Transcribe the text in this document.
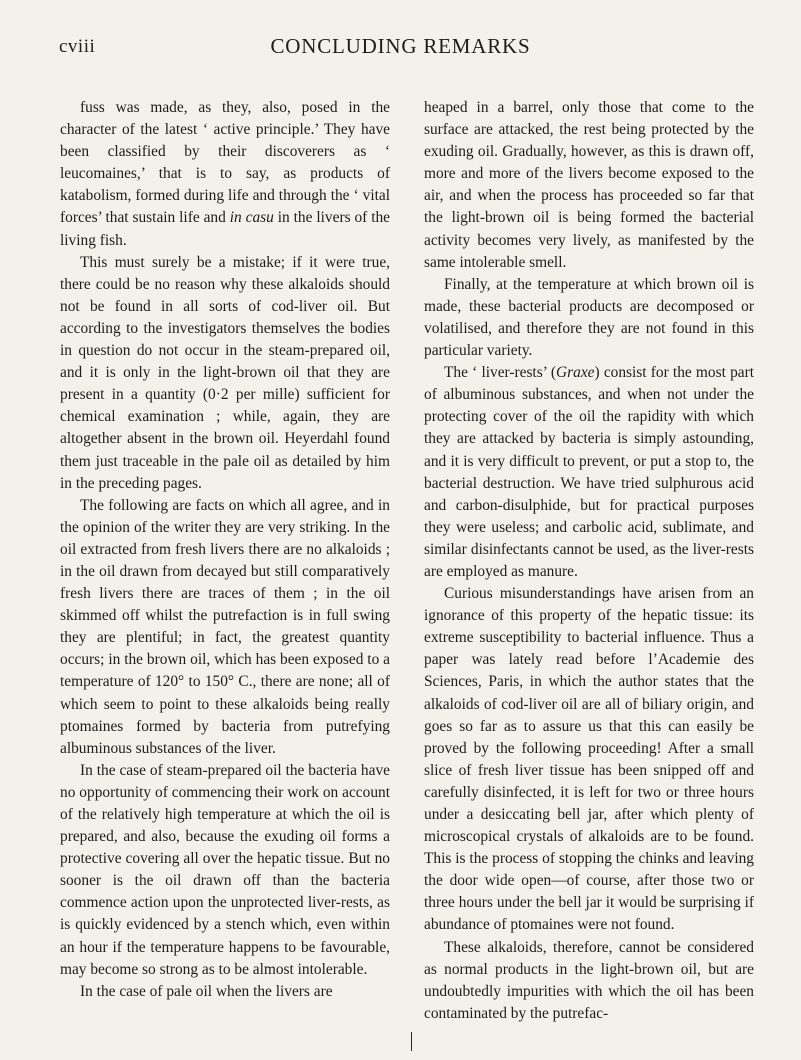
cviii	CONCLUDING REMARKS

fuss was made, as they, also, posed in the character of the latest ‘ active principle.’ They have been classified by their discoverers as ‘ leucomaines,’ that is to say, as products of katabolism, formed during life and through the ‘ vital forces’ that sustain life and in casu in the livers of the living fish.

This must surely be a mistake; if it were true, there could be no reason why these alkaloids should not be found in all sorts of cod-liver oil. But according to the investigators themselves the bodies in question do not occur in the steam-prepared oil, and it is only in the light-brown oil that they are present in a quantity (0·2 per mille) sufficient for chemical examination ; while, again, they are altogether absent in the brown oil. Heyerdahl found them just traceable in the pale oil as detailed by him in the preceding pages.

The following are facts on which all agree, and in the opinion of the writer they are very striking. In the oil extracted from fresh livers there are no alkaloids ; in the oil drawn from decayed but still comparatively fresh livers there are traces of them ; in the oil skimmed off whilst the putrefaction is in full swing they are plentiful; in fact, the greatest quantity occurs; in the brown oil, which has been exposed to a temperature of 120° to 150° C., there are none; all of which seem to point to these alkaloids being really ptomaines formed by bacteria from putrefying albuminous substances of the liver.

In the case of steam-prepared oil the bacteria have no opportunity of commencing their work on account of the relatively high temperature at which the oil is prepared, and also, because the exuding oil forms a protective covering all over the hepatic tissue. But no sooner is the oil drawn off than the bacteria commence action upon the unprotected liver-rests, as is quickly evidenced by a stench which, even within an hour if the temperature happens to be favourable, may become so strong as to be almost intolerable.

In the case of pale oil when the livers are

heaped in a barrel, only those that come to the surface are attacked, the rest being protected by the exuding oil. Gradually, however, as this is drawn off, more and more of the livers become exposed to the air, and when the process has proceeded so far that the light-brown oil is being formed the bacterial activity becomes very lively, as manifested by the same intolerable smell.

Finally, at the temperature at which brown oil is made, these bacterial products are decomposed or volatilised, and therefore they are not found in this particular variety.

The ‘ liver-rests’ (Graxe) consist for the most part of albuminous substances, and when not under the protecting cover of the oil the rapidity with which they are attacked by bacteria is simply astounding, and it is very difficult to prevent, or put a stop to, the bacterial destruction. We have tried sulphurous acid and carbon-disulphide, but for practical purposes they were useless; and carbolic acid, sublimate, and similar disinfectants cannot be used, as the liver-rests are employed as manure.

Curious misunderstandings have arisen from an ignorance of this property of the hepatic tissue: its extreme susceptibility to bacterial influence. Thus a paper was lately read before l’Academie des Sciences, Paris, in which the author states that the alkaloids of cod-liver oil are all of biliary origin, and goes so far as to assure us that this can easily be proved by the following proceeding! After a small slice of fresh liver tissue has been snipped off and carefully disinfected, it is left for two or three hours under a desiccating bell jar, after which plenty of microscopical crystals of alkaloids are to be found. This is the process of stopping the chinks and leaving the door wide open—of course, after those two or three hours under the bell jar it would be surprising if abundance of ptomaines were not found.

These alkaloids, therefore, cannot be considered as normal products in the light-brown oil, but are undoubtedly impurities with which the oil has been contaminated by the putrefac-
